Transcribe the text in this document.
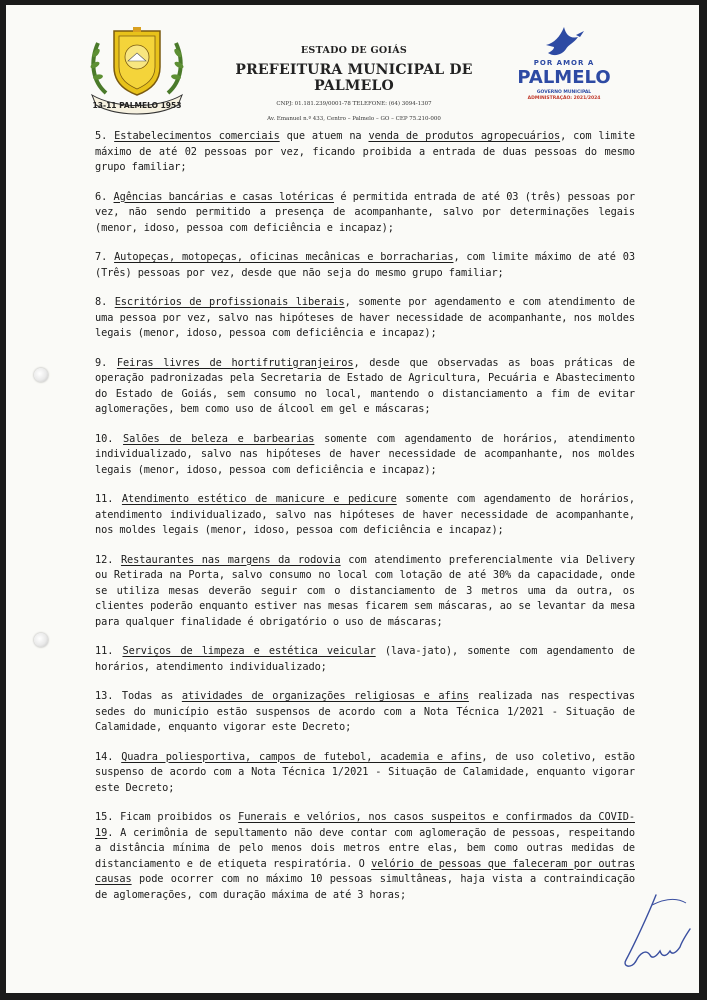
13-11 PALMELO 1953
ESTADO DE GOIÁS
PREFEITURA MUNICIPAL DE PALMELO
CNPJ: 01.181.239/0001-78 TELEFONE: (64) 3094-1307
Av. Emanuel n.º 433, Centro – Palmelo – GO – CEP 75.210-000
POR AMOR A
PALMELO
GOVERNO MUNICIPAL
ADMINISTRAÇÃO: 2021/2024

5. Estabelecimentos comerciais que atuem na venda de produtos agropecuários, com limite máximo de até 02 pessoas por vez, ficando proibida a entrada de duas pessoas do mesmo grupo familiar;

6. Agências bancárias e casas lotéricas é permitida entrada de até 03 (três) pessoas por vez, não sendo permitido a presença de acompanhante, salvo por determinações legais (menor, idoso, pessoa com deficiência e incapaz);

7. Autopeças, motopeças, oficinas mecânicas e borracharias, com limite máximo de até 03 (Três) pessoas por vez, desde que não seja do mesmo grupo familiar;

8. Escritórios de profissionais liberais, somente por agendamento e com atendimento de uma pessoa por vez, salvo nas hipóteses de haver necessidade de acompanhante, nos moldes legais (menor, idoso, pessoa com deficiência e incapaz);

9. Feiras livres de hortifrutigranjeiros, desde que observadas as boas práticas de operação padronizadas pela Secretaria de Estado de Agricultura, Pecuária e Abastecimento do Estado de Goiás, sem consumo no local, mantendo o distanciamento a fim de evitar aglomerações, bem como uso de álcool em gel e máscaras;

10. Salões de beleza e barbearias somente com agendamento de horários, atendimento individualizado, salvo nas hipóteses de haver necessidade de acompanhante, nos moldes legais (menor, idoso, pessoa com deficiência e incapaz);

11. Atendimento estético de manicure e pedicure somente com agendamento de horários, atendimento individualizado, salvo nas hipóteses de haver necessidade de acompanhante, nos moldes legais (menor, idoso, pessoa com deficiência e incapaz);

12. Restaurantes nas margens da rodovia com atendimento preferencialmente via Delivery ou Retirada na Porta, salvo consumo no local com lotação de até 30% da capacidade, onde se utiliza mesas deverão seguir com o distanciamento de 3 metros uma da outra, os clientes poderão enquanto estiver nas mesas ficarem sem máscaras, ao se levantar da mesa para qualquer finalidade é obrigatório o uso de máscaras;

11. Serviços de limpeza e estética veicular (lava-jato), somente com agendamento de horários, atendimento individualizado;

13. Todas as atividades de organizações religiosas e afins realizada nas respectivas sedes do município estão suspensos de acordo com a Nota Técnica 1/2021 - Situação de Calamidade, enquanto vigorar este Decreto;

14. Quadra poliesportiva, campos de futebol, academia e afins, de uso coletivo, estão suspenso de acordo com a Nota Técnica 1/2021 - Situação de Calamidade, enquanto vigorar este Decreto;

15. Ficam proibidos os Funerais e velórios, nos casos suspeitos e confirmados da COVID-19. A cerimônia de sepultamento não deve contar com aglomeração de pessoas, respeitando a distância mínima de pelo menos dois metros entre elas, bem como outras medidas de distanciamento e de etiqueta respiratória. O velório de pessoas que faleceram por outras causas pode ocorrer com no máximo 10 pessoas simultâneas, haja vista a contraindicação de aglomerações, com duração máxima de até 3 horas;
